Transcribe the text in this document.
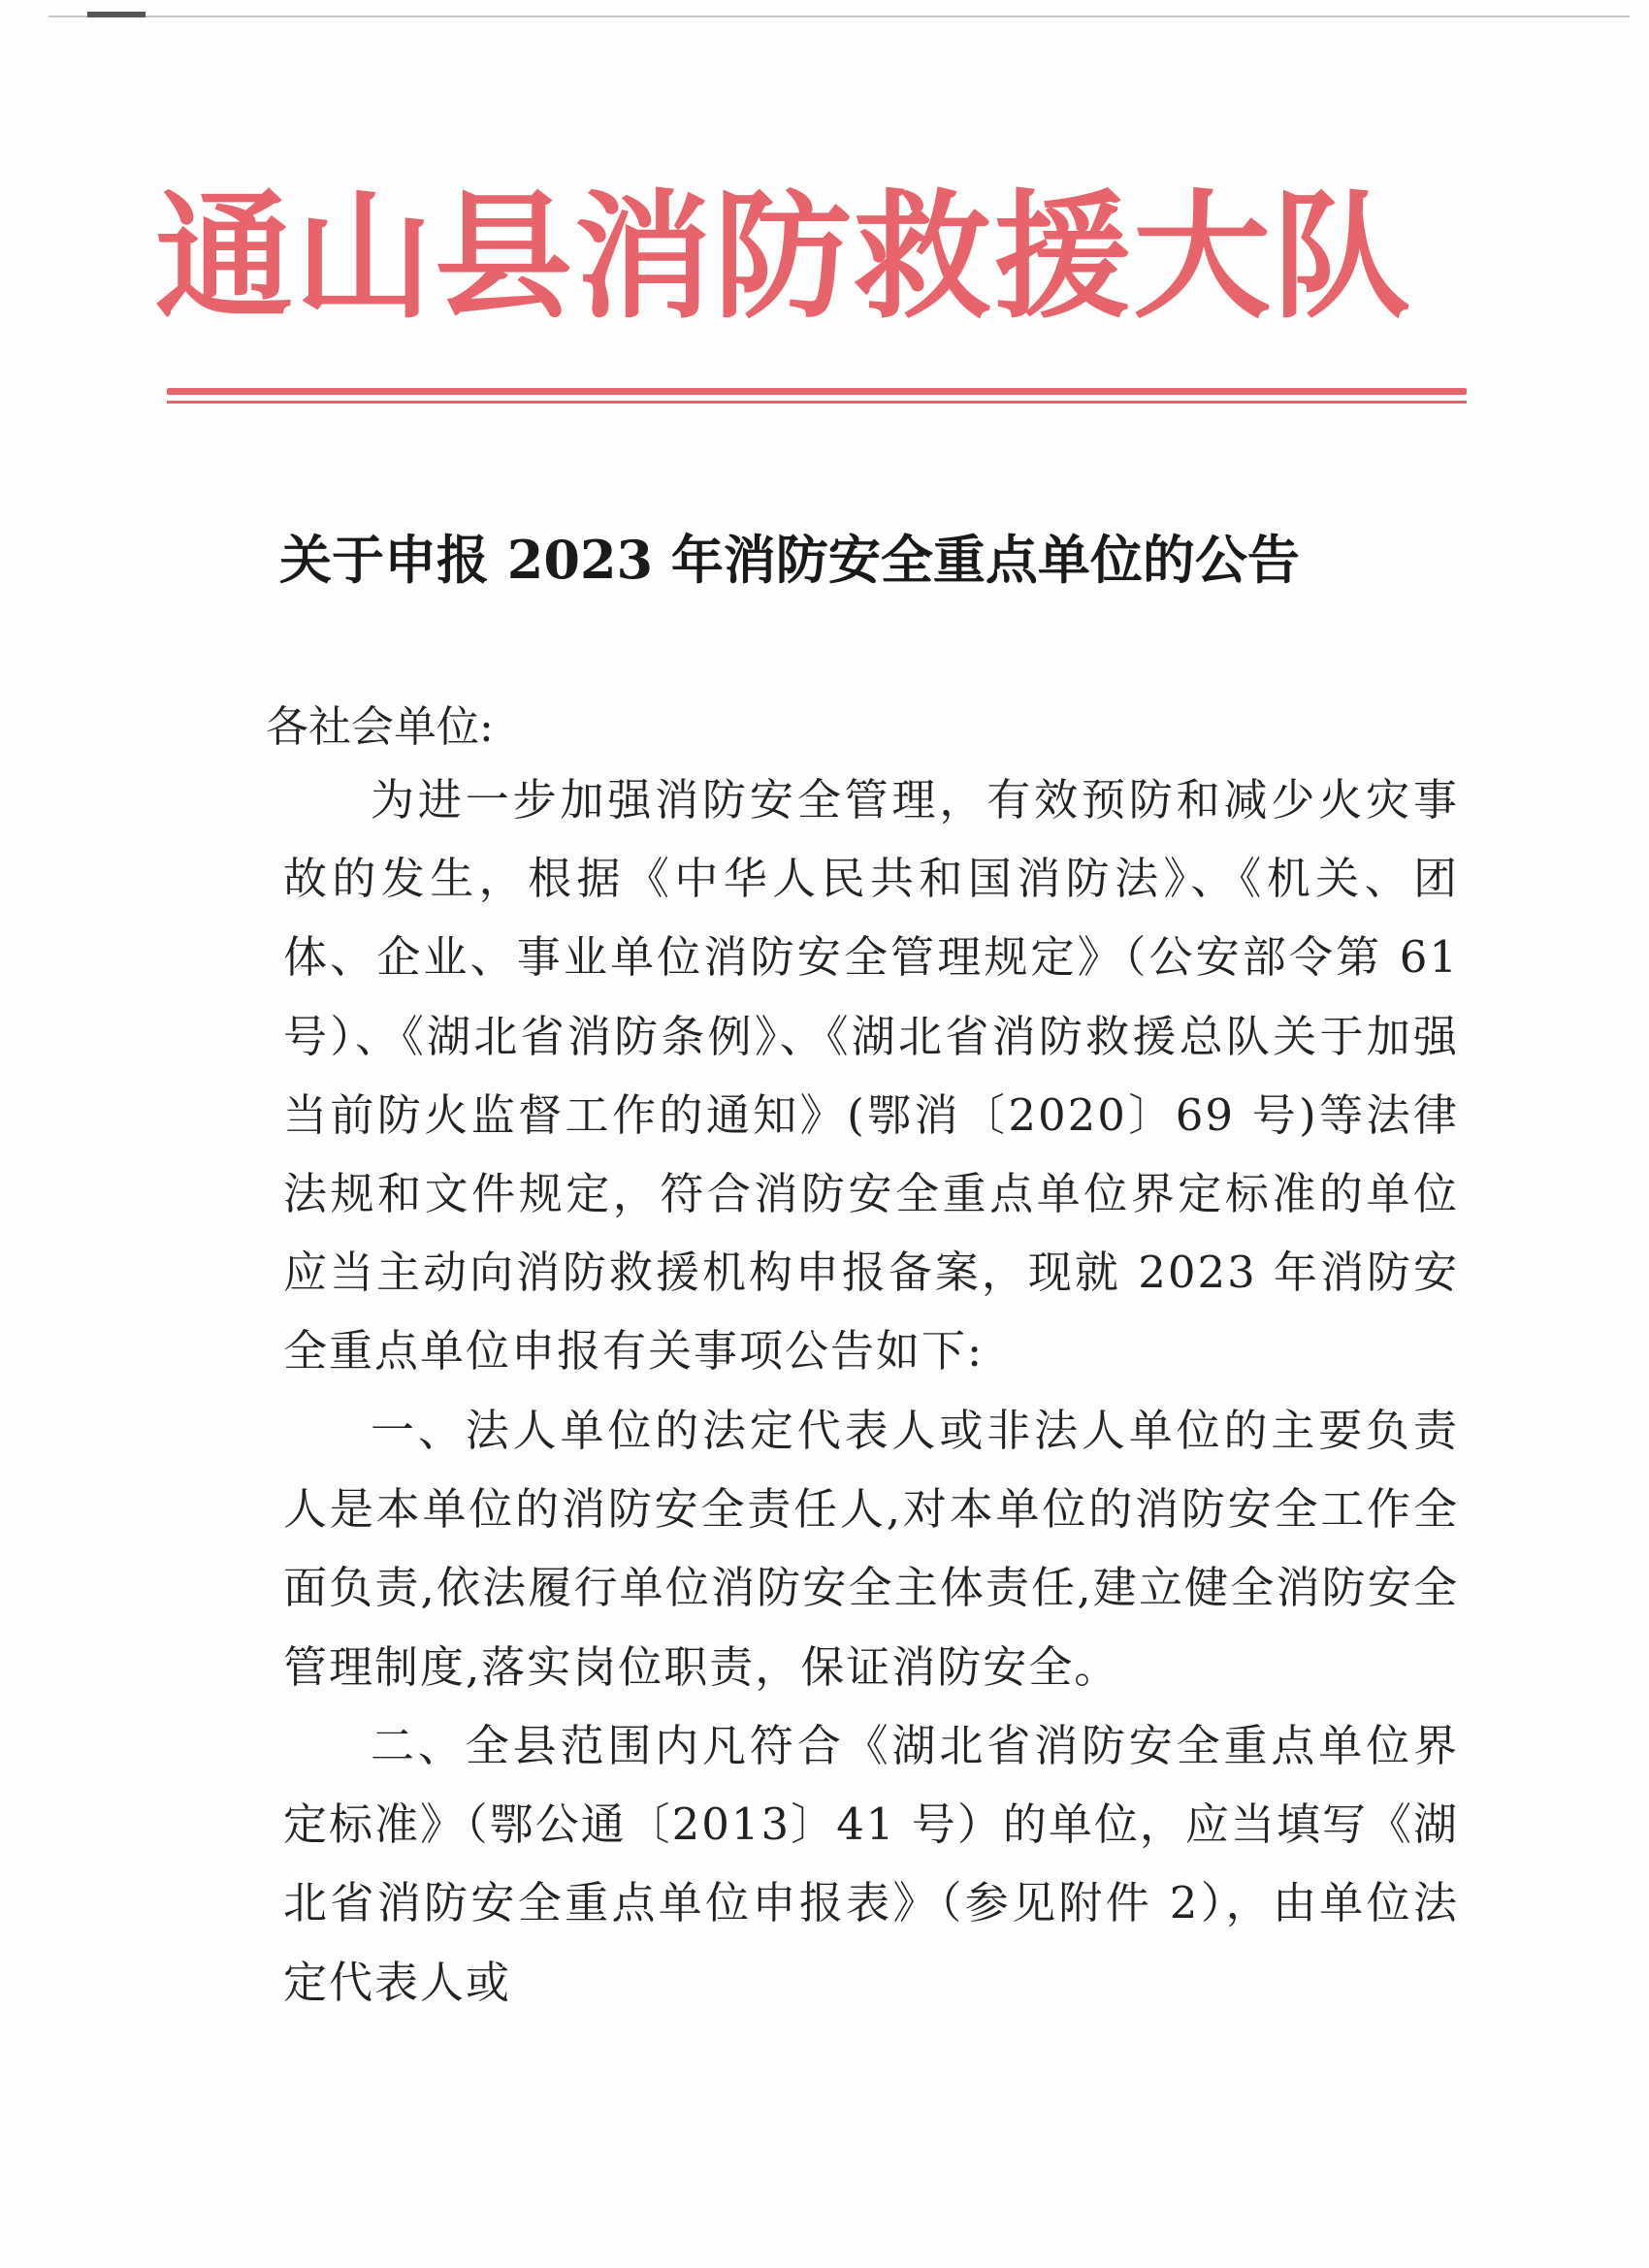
通山县消防救援大队
关于申报 2023 年消防安全重点单位的公告
各社会单位:

为进一步加强消防安全管理，有效预防和减少火灾事故的发生，根据《中华人民共和国消防法》、《机关、团体、企业、事业单位消防安全管理规定》（公安部令第 61 号）、《湖北省消防条例》、《湖北省消防救援总队关于加强当前防火监督工作的通知》(鄂消〔2020〕69 号)等法律法规和文件规定，符合消防安全重点单位界定标准的单位应当主动向消防救援机构申报备案，现就 2023 年消防安全重点单位申报有关事项公告如下:

一、法人单位的法定代表人或非法人单位的主要负责人是本单位的消防安全责任人,对本单位的消防安全工作全面负责,依法履行单位消防安全主体责任,建立健全消防安全管理制度,落实岗位职责，保证消防安全。

二、全县范围内凡符合《湖北省消防安全重点单位界定标准》（鄂公通〔2013〕41 号）的单位，应当填写《湖北省消防安全重点单位申报表》（参见附件 2），由单位法定代表人或
